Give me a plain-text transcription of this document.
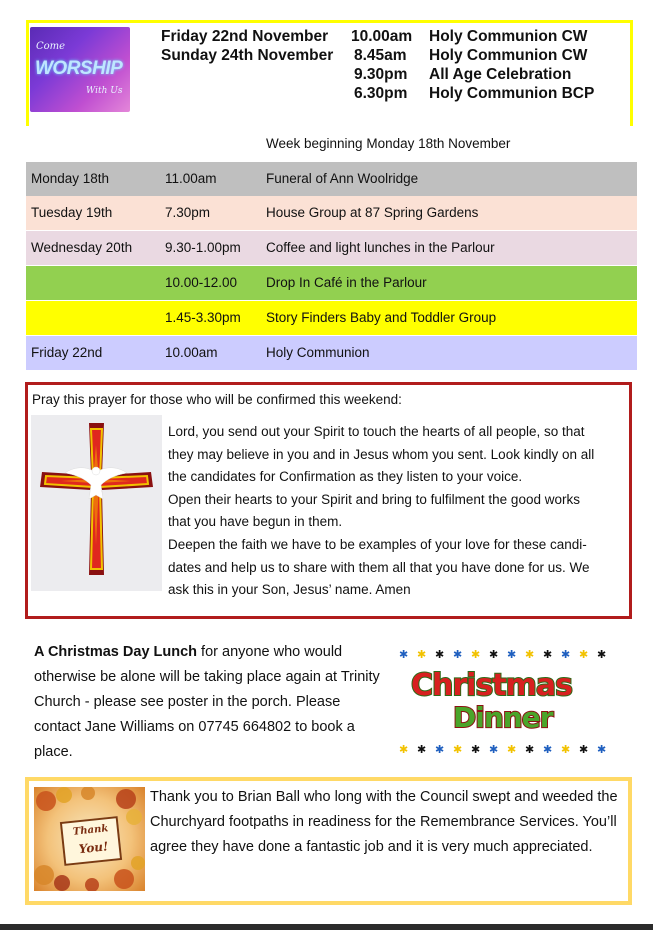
Come
WORSHIP
With Us
Friday 22nd November 10.00am Holy Communion CW
Sunday 24th November 8.45am Holy Communion CW
9.30pm All Age Celebration
6.30pm Holy Communion BCP
Week beginning Monday 18th November
Monday 18th	11.00am	Funeral of Ann Woolridge
Tuesday 19th	7.30pm	House Group at 87 Spring Gardens
Wednesday 20th 9.30-1.00pm Coffee and light lunches in the Parlour
10.00-12.00 Drop In Café in the Parlour
1.45-3.30pm Story Finders Baby and Toddler Group
Friday 22nd	10.00am	Holy Communion
Pray this prayer for those who will be confirmed this weekend:
Lord, you send out your Spirit to touch the hearts of all people, so that
they may believe in you and in Jesus whom you sent. Look kindly on all
the candidates for Confirmation as they listen to your voice.
Open their hearts to your Spirit and bring to fulfilment the good works
that you have begun in them.
Deepen the faith we have to be examples of your love for these candi-
dates and help us to share with them all that you have done for us. We
ask this in your Son, Jesus’ name. Amen
A Christmas Day Lunch for anyone who would otherwise be alone will be taking place again at Trinity Church - please see poster in the porch. Please contact Jane Williams on 07745 664802 to book a place.
✱ ✱ ✱ ✱ ✱ ✱ ✱ ✱ ✱ ✱ ✱ ✱
✱ ✱ ✱ ✱ ✱ ✱ ✱ ✱ ✱ ✱ ✱ ✱
Christmas
Dinner
Thank
You!
Thank you to Brian Ball who long with the Council swept and weeded the Churchyard footpaths in readiness for the Remembrance Services. You’ll agree they have done a fantastic job and it is very much appreciated.
